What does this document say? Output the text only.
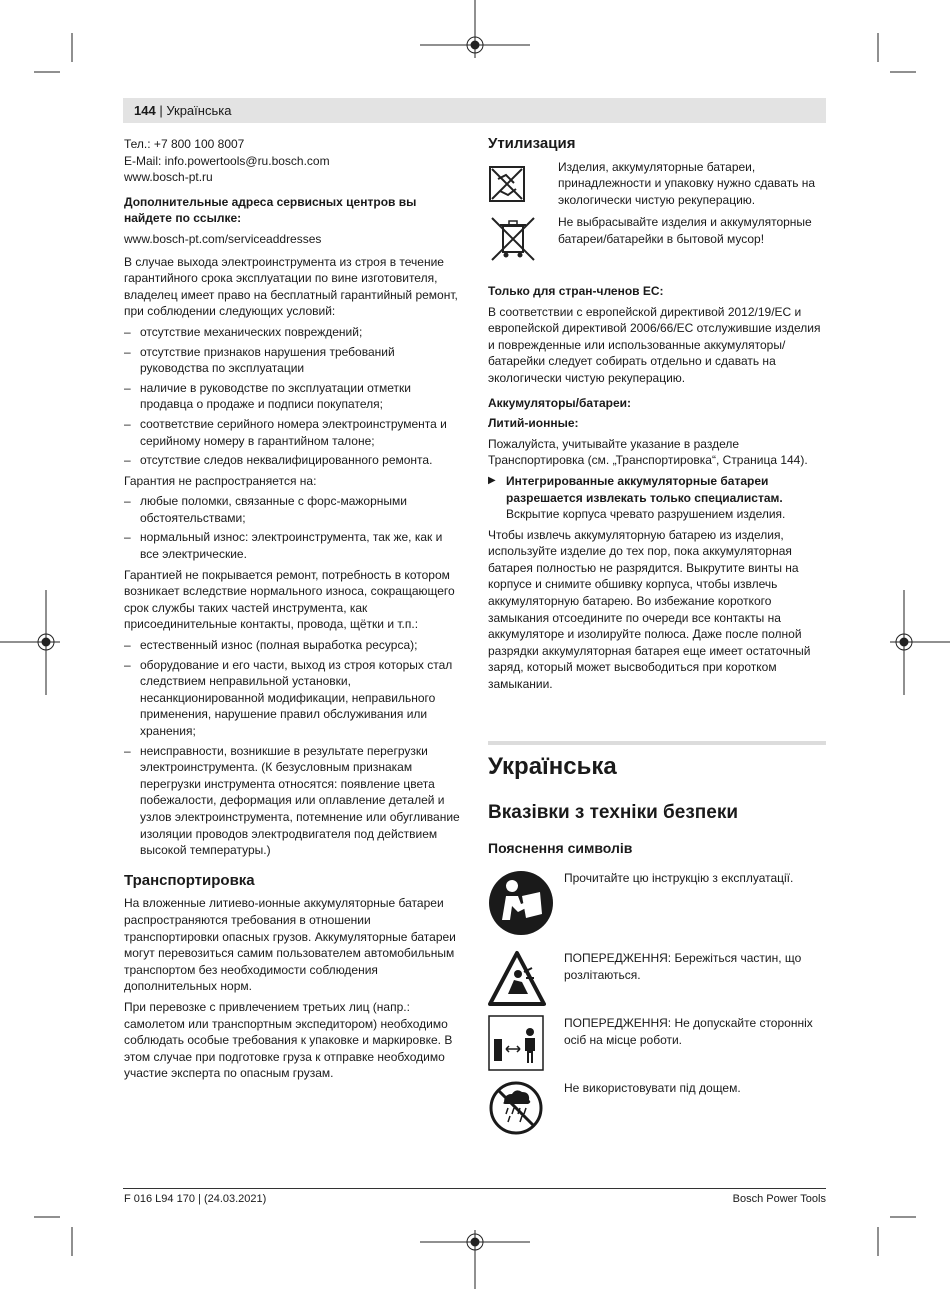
144 | Українська
Тел.: +7 800 100 8007
E-Mail: info.powertools@ru.bosch.com
www.bosch-pt.ru

Дополнительные адреса сервисных центров вы найдете по ссылке:

www.bosch-pt.com/serviceaddresses

В случае выхода электроинструмента из строя в течение гарантийного срока эксплуатации по вине изготовителя, владелец имеет право на бесплатный гарантийный ремонт, при соблюдении следующих условий:

– отсутствие механических повреждений;
– отсутствие признаков нарушения требований руководства по эксплуатации
– наличие в руководстве по эксплуатации отметки продавца о продаже и подписи покупателя;
– соответствие серийного номера электроинструмента и серийному номеру в гарантийном талоне;
– отсутствие следов неквалифицированного ремонта.

Гарантия не распространяется на:

– любые поломки, связанные с форс-мажорными обстоятельствами;
– нормальный износ: электроинструмента, так же, как и все электрические.

Гарантией не покрывается ремонт, потребность в котором возникает вследствие нормального износа, сокращающего срок службы таких частей инструмента, как присоединительные контакты, провода, щётки и т.п.:

– естественный износ (полная выработка ресурса);
– оборудование и его части, выход из строя которых стал следствием неправильной установки, несанкционированной модификации, неправильного применения, нарушение правил обслуживания или хранения;
– неисправности, возникшие в результате перегрузки электроинструмента. (К безусловным признакам перегрузки инструмента относятся: появление цвета побежалости, деформация или оплавление деталей и узлов электроинструмента, потемнение или обугливание изоляции проводов электродвигателя под действием высокой температуры.)
Транспортировка

На вложенные литиево-ионные аккумуляторные батареи распространяются требования в отношении транспортировки опасных грузов. Аккумуляторные батареи могут перевозиться самим пользователем автомобильным транспортом без необходимости соблюдения дополнительных норм.

При перевозке с привлечением третьих лиц (напр.: самолетом или транспортным экспедитором) необходимо соблюдать особые требования к упаковке и маркировке. В этом случае при подготовке груза к отправке необходимо участие эксперта по опасным грузам.

Утилизация
Изделия, аккумуляторные батареи, принадлежности и упаковку нужно сдавать на экологически чистую рекуперацию.
Не выбрасывайте изделия и аккумуляторные батареи/батарейки в бытовой мусор!

Только для стран-членов ЕС:

В соответствии с европейской директивой 2012/19/ЕС и европейской директивой 2006/66/EC отслужившие изделия и поврежденные или использованные аккумуляторы/батарейки следует собирать отдельно и сдавать на экологически чистую рекуперацию.

Аккумуляторы/батареи:

Литий-ионные:

Пожалуйста, учитывайте указание в разделе Транспортировка (см. „Транспортировка“, Страница 144).

▶ Интегрированные аккумуляторные батареи разрешается извлекать только специалистам. Вскрытие корпуса чревато разрушением изделия.

Чтобы извлечь аккумуляторную батарею из изделия, используйте изделие до тех пор, пока аккумуляторная батарея полностью не разрядится. Выкрутите винты на корпусе и снимите обшивку корпуса, чтобы извлечь аккумуляторную батарею. Во избежание короткого замыкания отсоедините по очереди все контакты на аккумуляторе и изолируйте полюса. Даже после полной разрядки аккумуляторная батарея еще имеет остаточный заряд, который может высвободиться при коротком замыкании.

Українська
Вказівки з техніки безпеки
Пояснення символів
Прочитайте цю інструкцію з експлуатації.
ПОПЕРЕДЖЕННЯ: Бережіться частин, що розлітаються.
ПОПЕРЕДЖЕННЯ: Не допускайте сторонніх осіб на місце роботи.
Не використовувати під дощем.
F 016 L94 170 | (24.03.2021)	Bosch Power Tools
